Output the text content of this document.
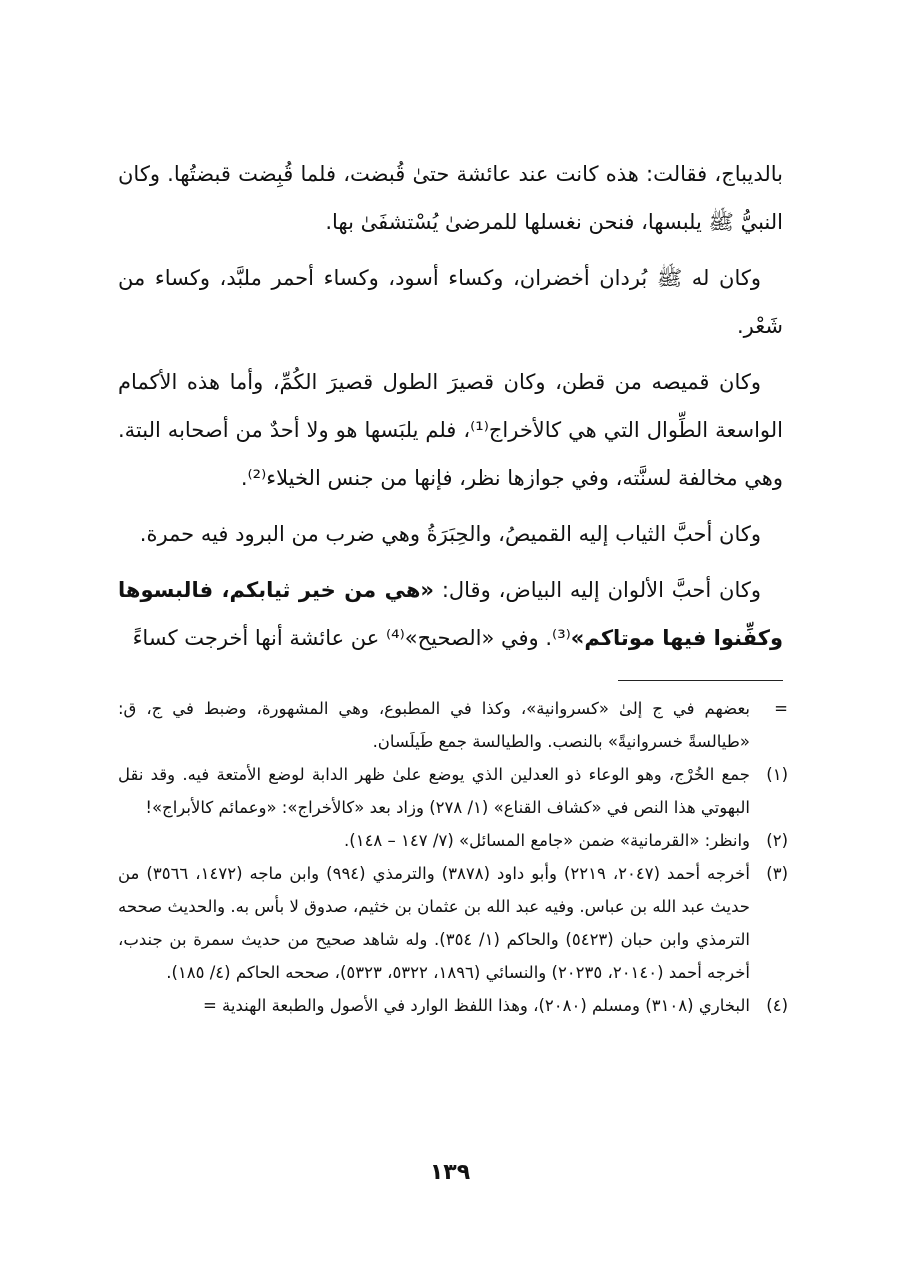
بالديباج، فقالت: هذه كانت عند عائشة حتىٰ قُبضت، فلما قُبِضت قبضتُها. وكان النبيُّ ﷺ يلبسها، فنحن نغسلها للمرضىٰ يُسْتشفَىٰ بها.

وكان له ﷺ بُردان أخضران، وكساء أسود، وكساء أحمر ملبَّد، وكساء من شَعْر.

وكان قميصه من قطن، وكان قصيرَ الطول قصيرَ الكُمِّ، وأما هذه الأكمام الواسعة الطِّوال التي هي كالأخراج⁽¹⁾، فلم يلبَسها هو ولا أحدٌ من أصحابه البتة. وهي مخالفة لسنَّته، وفي جوازها نظر، فإنها من جنس الخيلاء⁽²⁾.

وكان أحبَّ الثياب إليه القميصُ، والحِبَرَةُ وهي ضرب من البرود فيه حمرة.

وكان أحبَّ الألوان إليه البياض، وقال: «هي من خير ثيابكم، فالبسوها وكفِّنوا فيها موتاكم»⁽³⁾. وفي «الصحيح»⁽⁴⁾ عن عائشة أنها أخرجت كساءً

=
بعضهم في ج إلىٰ «كسروانية»، وكذا في المطبوع، وهي المشهورة، وضبط في ج، ق: «طيالسةً خسروانيةً» بالنصب. والطيالسة جمع طَيلَسان.
(١)
جمع الخُرْج، وهو الوعاء ذو العدلين الذي يوضع علىٰ ظهر الدابة لوضع الأمتعة فيه. وقد نقل البهوتي هذا النص في «كشاف القناع» (١/ ٢٧٨) وزاد بعد «كالأخراج»: «وعمائم كالأبراج»!
(٢)
وانظر: «القرمانية» ضمن «جامع المسائل» (٧/ ١٤٧ – ١٤٨).
(٣)
أخرجه أحمد (٢٠٤٧، ٢٢١٩) وأبو داود (٣٨٧٨) والترمذي (٩٩٤) وابن ماجه (١٤٧٢، ٣٥٦٦) من حديث عبد الله بن عباس. وفيه عبد الله بن عثمان بن خثيم، صدوق لا بأس به. والحديث صححه الترمذي وابن حبان (٥٤٢٣) والحاكم (١/ ٣٥٤). وله شاهد صحيح من حديث سمرة بن جندب، أخرجه أحمد (٢٠١٤٠، ٢٠٢٣٥) والنسائي (١٨٩٦، ٥٣٢٢، ٥٣٢٣)، صححه الحاكم (٤/ ١٨٥).
(٤)
البخاري (٣١٠٨) ومسلم (٢٠٨٠)، وهذا اللفظ الوارد في الأصول والطبعة الهندية =
١٣٩
